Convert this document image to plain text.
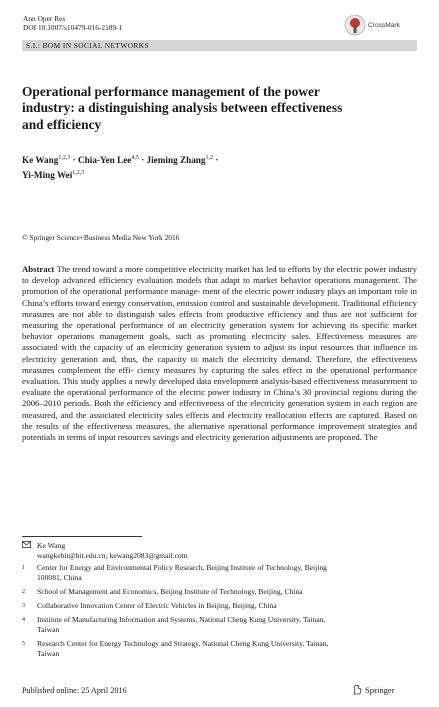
Ann Oper Res
DOI 10.1007/s10479-016-2189-1	CrossMark
S.I.: BOM IN SOCIAL NETWORKS
Operational performance management of the power
industry: a distinguishing analysis between effectiveness
and efficiency
Ke Wang$^{1,2,3}$ · Chia-Yen Lee$^{4,5}$ · Jieming Zhang$^{1,2}$ ·
Yi-Ming Wei$^{1,2,3}$
© Springer Science+Business Media New York 2016
Abstract The trend toward a more competitive electricity market has led to efforts by the electric power industry to develop advanced efficiency evaluation models that adapt to market behavior operations management. The promotion of the operational performance manage- ment of the electric power industry plays an important role in China’s efforts toward energy conservation, emission control and sustainable development. Traditional efficiency measures are not able to distinguish sales effects from productive efficiency and thus are not sufficient for measuring the operational performance of an electricity generation system for achieving its specific market behavior operations management goals, such as promoting electricity sales. Effectiveness measures are associated with the capacity of an electricity generation system to adjust its input resources that influence its electricity generation and, thus, the capacity to match the electricity demand. Therefore, the effectiveness measures complement the effi- ciency measures by capturing the sales effect in the operational performance evaluation. This study applies a newly developed data envelopment analysis-based effectiveness measurement to evaluate the operational performance of the electric power industry in China’s 30 provincial regions during the 2006–2010 periods. Both the efficiency and effectiveness of the electricity generation system in each region are measured, and the associated electricity sales effects and electricity reallocation effects are captured. Based on the results of the effectiveness measures, the alternative operational performance improvement strategies and potentials in terms of input resources savings and electricity generation adjustments are proposed. The
Ke Wang
wangkebit@bit.edu.cn; kewang2083@gmail.com
1 Center for Energy and Environmental Policy Research, Beijing Institute of Technology, Beijing
100081, China
2 School of Management and Economics, Beijing Institute of Technology, Beijing, China
3 Collaborative Innovation Center of Electric Vehicles in Beijing, Beijing, China
4 Institute of Manufacturing Information and Systems, National Cheng Kung University, Tainan,
Taiwan
5 Research Center for Energy Technology and Strategy, National Cheng Kung University, Tainan,
Taiwan
Published online: 25 April 2016	Springer
